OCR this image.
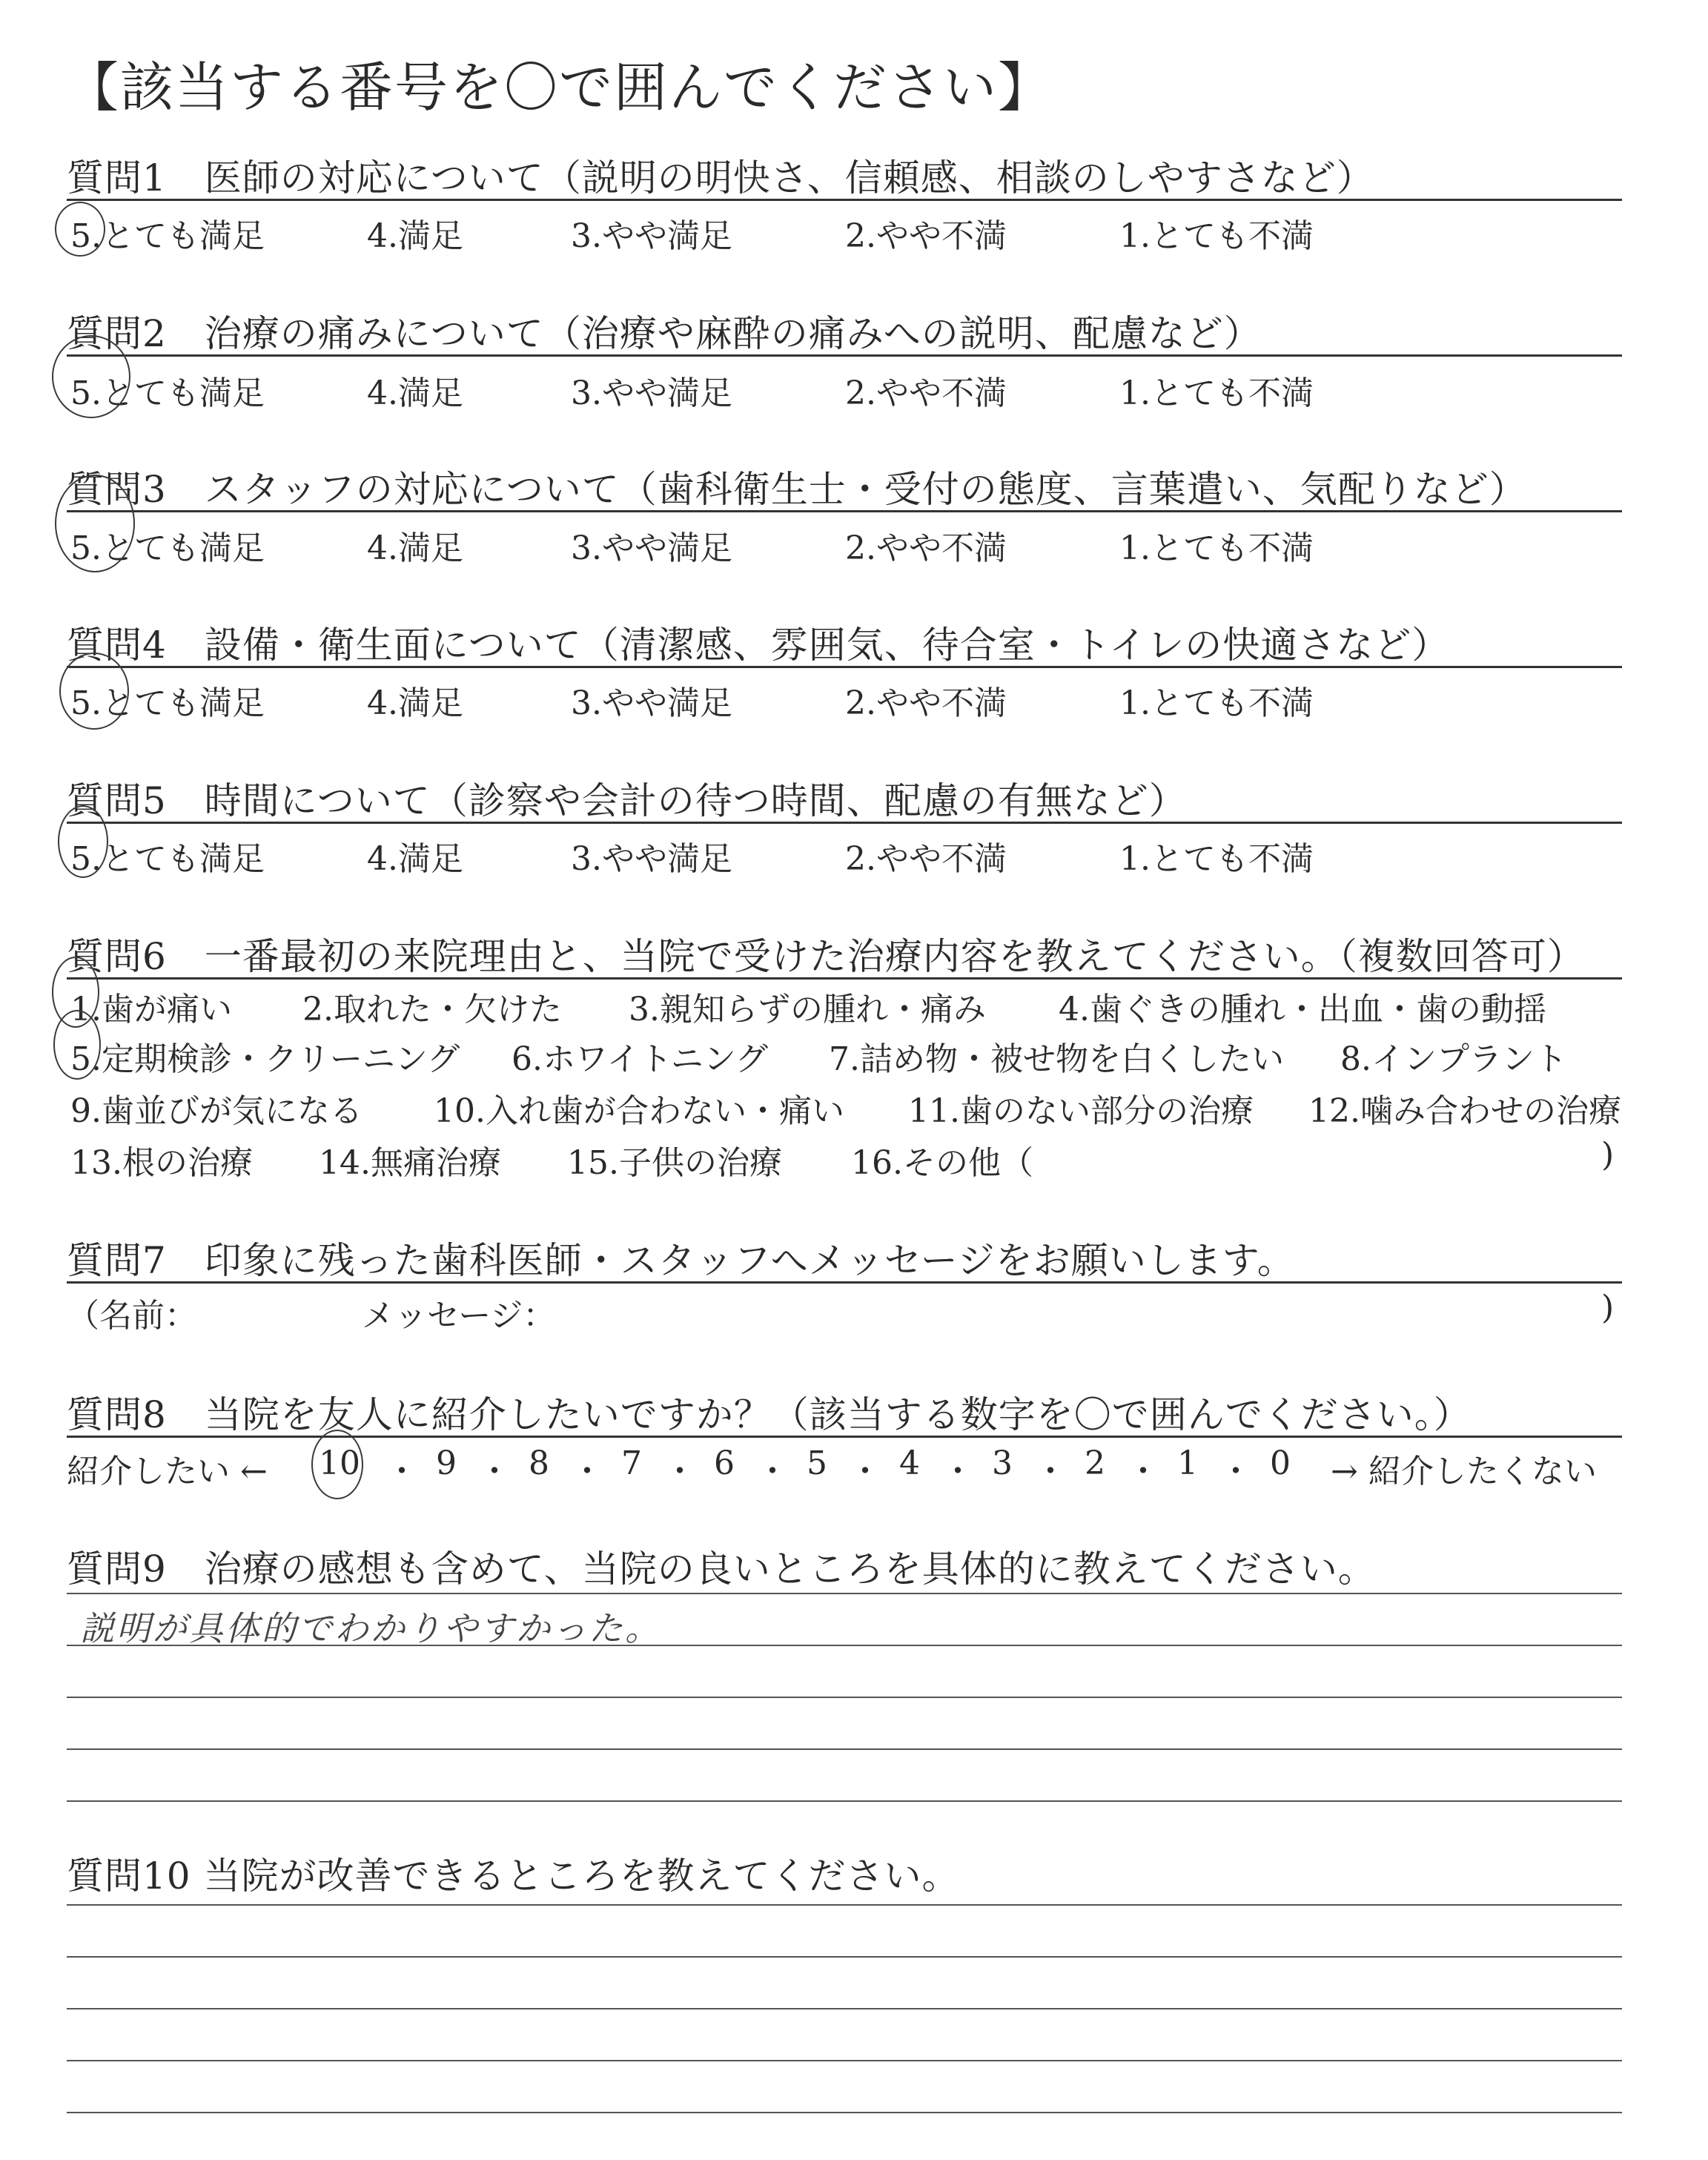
【該当する番号を〇で囲んでください】
質問1　医師の対応について（説明の明快さ、信頼感、相談のしやすさなど）
5.とても満足	4.満足	3.やや満足	2.やや不満	1.とても不満
質問2　治療の痛みについて（治療や麻酔の痛みへの説明、配慮など）
5.とても満足	4.満足	3.やや満足	2.やや不満	1.とても不満
質問3　スタッフの対応について（歯科衛生士・受付の態度、言葉遣い、気配りなど）
5.とても満足	4.満足	3.やや満足	2.やや不満	1.とても不満
質問4　設備・衛生面について（清潔感、雰囲気、待合室・トイレの快適さなど）
5.とても満足	4.満足	3.やや満足	2.やや不満	1.とても不満
質問5　時間について（診察や会計の待つ時間、配慮の有無など）
5.とても満足	4.満足	3.やや満足	2.やや不満	1.とても不満
質問6　一番最初の来院理由と、当院で受けた治療内容を教えてください。（複数回答可）
1.歯が痛い 2.取れた・欠けた 3.親知らずの腫れ・痛み 4.歯ぐきの腫れ・出血・歯の動揺
5.定期検診・クリーニング 6.ホワイトニング 7.詰め物・被せ物を白くしたい 8.インプラント
9.歯並びが気になる 10.入れ歯が合わない・痛い 11.歯のない部分の治療 12.噛み合わせの治療
13.根の治療 14.無痛治療 15.子供の治療 16.その他（	)
質問7　印象に残った歯科医師・スタッフへメッセージをお願いします。
（名前：	メッセージ：	)
質問8　当院を友人に紹介したいですか？（該当する数字を〇で囲んでください。）
紹介したい ← 10 ・ 9 ・ 8 ・ 7 ・ 6 ・ 5 ・ 4 ・ 3 ・ 2 ・ 1 ・ 0 → 紹介したくない
質問9　治療の感想も含めて、当院の良いところを具体的に教えてください。
説明が具体的でわかりやすかった。
質問10 当院が改善できるところを教えてください。
